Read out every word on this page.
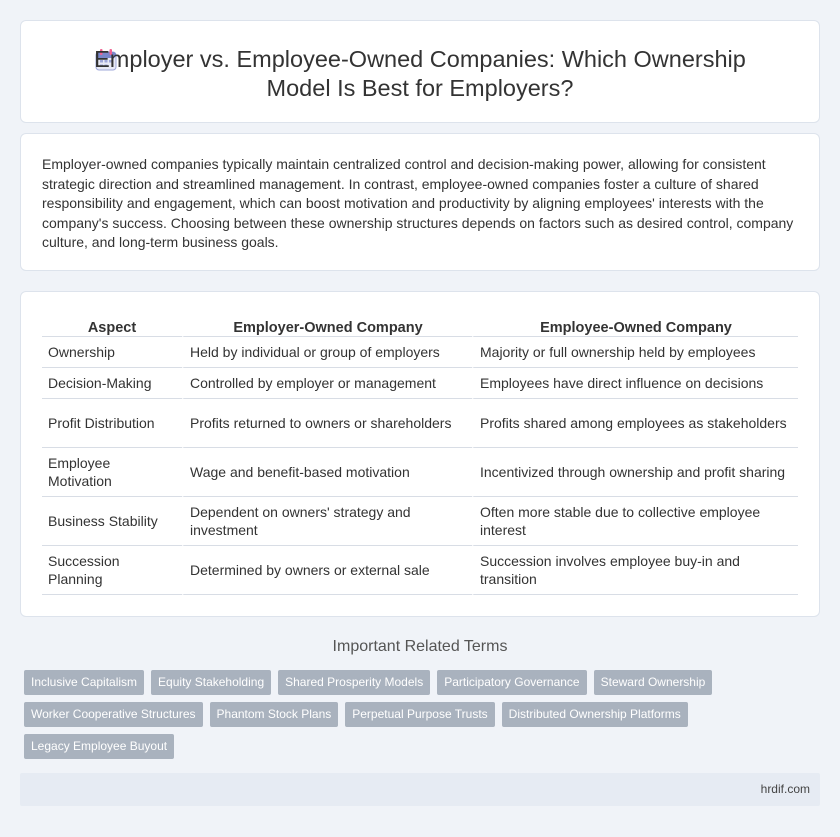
Employer vs. Employee-Owned Companies: Which Ownership Model Is Best for Employers?

Employer-owned companies typically maintain centralized control and decision-making power, allowing for consistent strategic direction and streamlined management. In contrast, employee-owned companies foster a culture of shared responsibility and engagement, which can boost motivation and productivity by aligning employees' interests with the company's success. Choosing between these ownership structures depends on factors such as desired control, company culture, and long-term business goals.

Aspect	Employer-Owned Company	Employee-Owned Company
Ownership	Held by individual or group of employers	Majority or full ownership held by employees
Decision-Making	Controlled by employer or management	Employees have direct influence on decisions
Profit Distribution	Profits returned to owners or shareholders	Profits shared among employees as stakeholders
Employee Motivation	Wage and benefit-based motivation	Incentivized through ownership and profit sharing
Business Stability	Dependent on owners' strategy and investment	Often more stable due to collective employee interest
Succession Planning	Determined by owners or external sale	Succession involves employee buy-in and transition
Important Related Terms
Inclusive Capitalism	Equity Stakeholding	Shared Prosperity Models	Participatory Governance	Steward Ownership
Worker Cooperative Structures	Phantom Stock Plans	Perpetual Purpose Trusts	Distributed Ownership Platforms
Legacy Employee Buyout
hrdif.com
